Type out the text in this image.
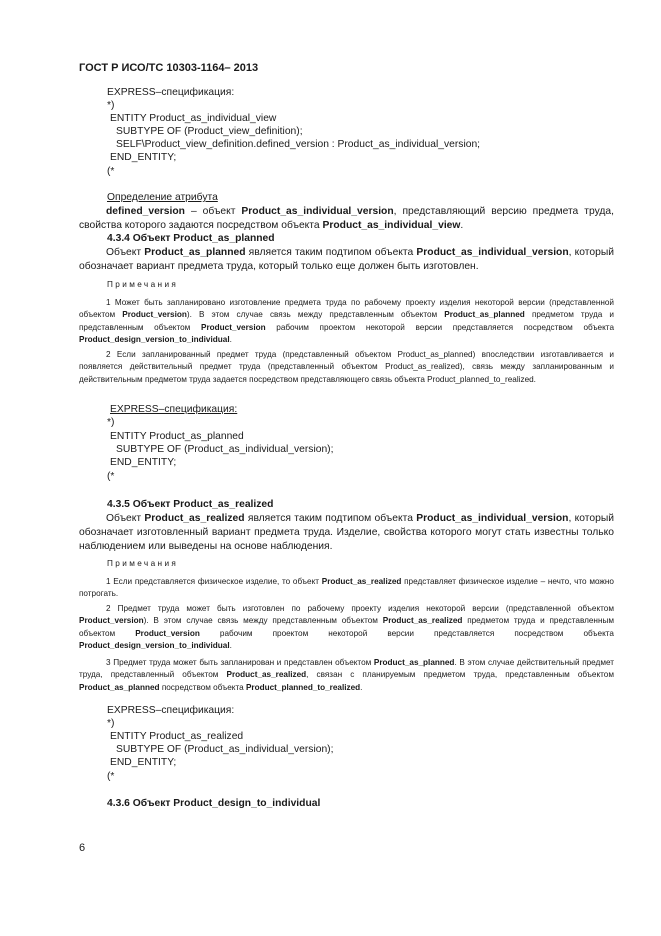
ГОСТ Р ИСО/ТС 10303-1164– 2013
EXPRESS–спецификация:
*)
ENTITY Product_as_individual_view
SUBTYPE OF (Product_view_definition);
SELF\Product_view_definition.defined_version : Product_as_individual_version;
END_ENTITY;
(*
Определение атрибута
defined_version – объект Product_as_individual_version, представляющий версию предмета труда, свойства которого задаются посредством объекта Product_as_individual_view.
4.3.4 Объект Product_as_planned
Объект Product_as_planned является таким подтипом объекта Product_as_individual_version, который обозначает вариант предмета труда, который только еще должен быть изготовлен.
Примечания
1 Может быть запланировано изготовление предмета труда по рабочему проекту изделия некоторой версии (представленной объектом Product_version). В этом случае связь между представленным объектом Product_as_planned предметом труда и представленным объектом Product_version рабочим проектом некоторой версии представляется посредством объекта Product_design_version_to_individual.
2 Если запланированный предмет труда (представленный объектом Product_as_planned) впоследствии изготавливается и появляется действительный предмет труда (представленный объектом Product_as_realized), связь между запланированным и действительным предметом труда задается посредством представляющего связь объекта Product_planned_to_realized.
EXPRESS–спецификация:
*)
ENTITY Product_as_planned
SUBTYPE OF (Product_as_individual_version);
END_ENTITY;
(*
4.3.5 Объект Product_as_realized
Объект Product_as_realized является таким подтипом объекта Product_as_individual_version, который обозначает изготовленный вариант предмета труда. Изделие, свойства которого могут стать известны только наблюдением или выведены на основе наблюдения.
Примечания
1 Если представляется физическое изделие, то объект Product_as_realized представляет физическое изделие – нечто, что можно потрогать.
2 Предмет труда может быть изготовлен по рабочему проекту изделия некоторой версии (представленной объектом Product_version). В этом случае связь между представленным объектом Product_as_realized предметом труда и представленным объектом Product_version рабочим проектом некоторой версии представляется посредством объекта Product_design_version_to_individual.
3 Предмет труда может быть запланирован и представлен объектом Product_as_planned. В этом случае действительный предмет труда, представленный объектом Product_as_realized, связан с планируемым предметом труда, представленным объектом Product_as_planned посредством объекта Product_planned_to_realized.
EXPRESS–спецификация:
*)
ENTITY Product_as_realized
SUBTYPE OF (Product_as_individual_version);
END_ENTITY;
(*
4.3.6 Объект Product_design_to_individual
6
